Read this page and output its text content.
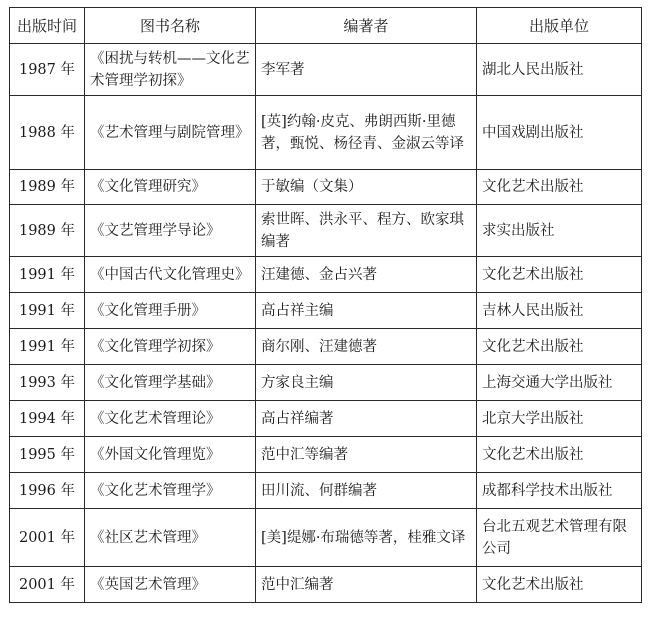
出版时间	图书名称	编著者	出版单位
1987 年	《困扰与转机——文化艺术管理学初探》	李军著	湖北人民出版社
1988 年	《艺术管理与剧院管理》	[英]约翰·皮克、弗朗西斯·里德著，甄悦、杨径青、金淑云等译	中国戏剧出版社
1989 年	《文化管理研究》	于敏编（文集）	文化艺术出版社
1989 年	《文艺管理学导论》	索世晖、洪永平、程方、欧家琪编著	求实出版社
1991 年	《中国古代文化管理史》	汪建德、金占兴著	文化艺术出版社
1991 年	《文化管理手册》	高占祥主编	吉林人民出版社
1991 年	《文化管理学初探》	商尔刚、汪建德著	文化艺术出版社
1993 年	《文化管理学基础》	方家良主编	上海交通大学出版社
1994 年	《文化艺术管理论》	高占祥编著	北京大学出版社
1995 年	《外国文化管理览》	范中汇等编著	文化艺术出版社
1996 年	《文化艺术管理学》	田川流、何群编著	成都科学技术出版社
2001 年	《社区艺术管理》	[美]缇娜·布瑞德等著，桂雅文译	台北五观艺术管理有限公司
2001 年	《英国艺术管理》	范中汇编著	文化艺术出版社
